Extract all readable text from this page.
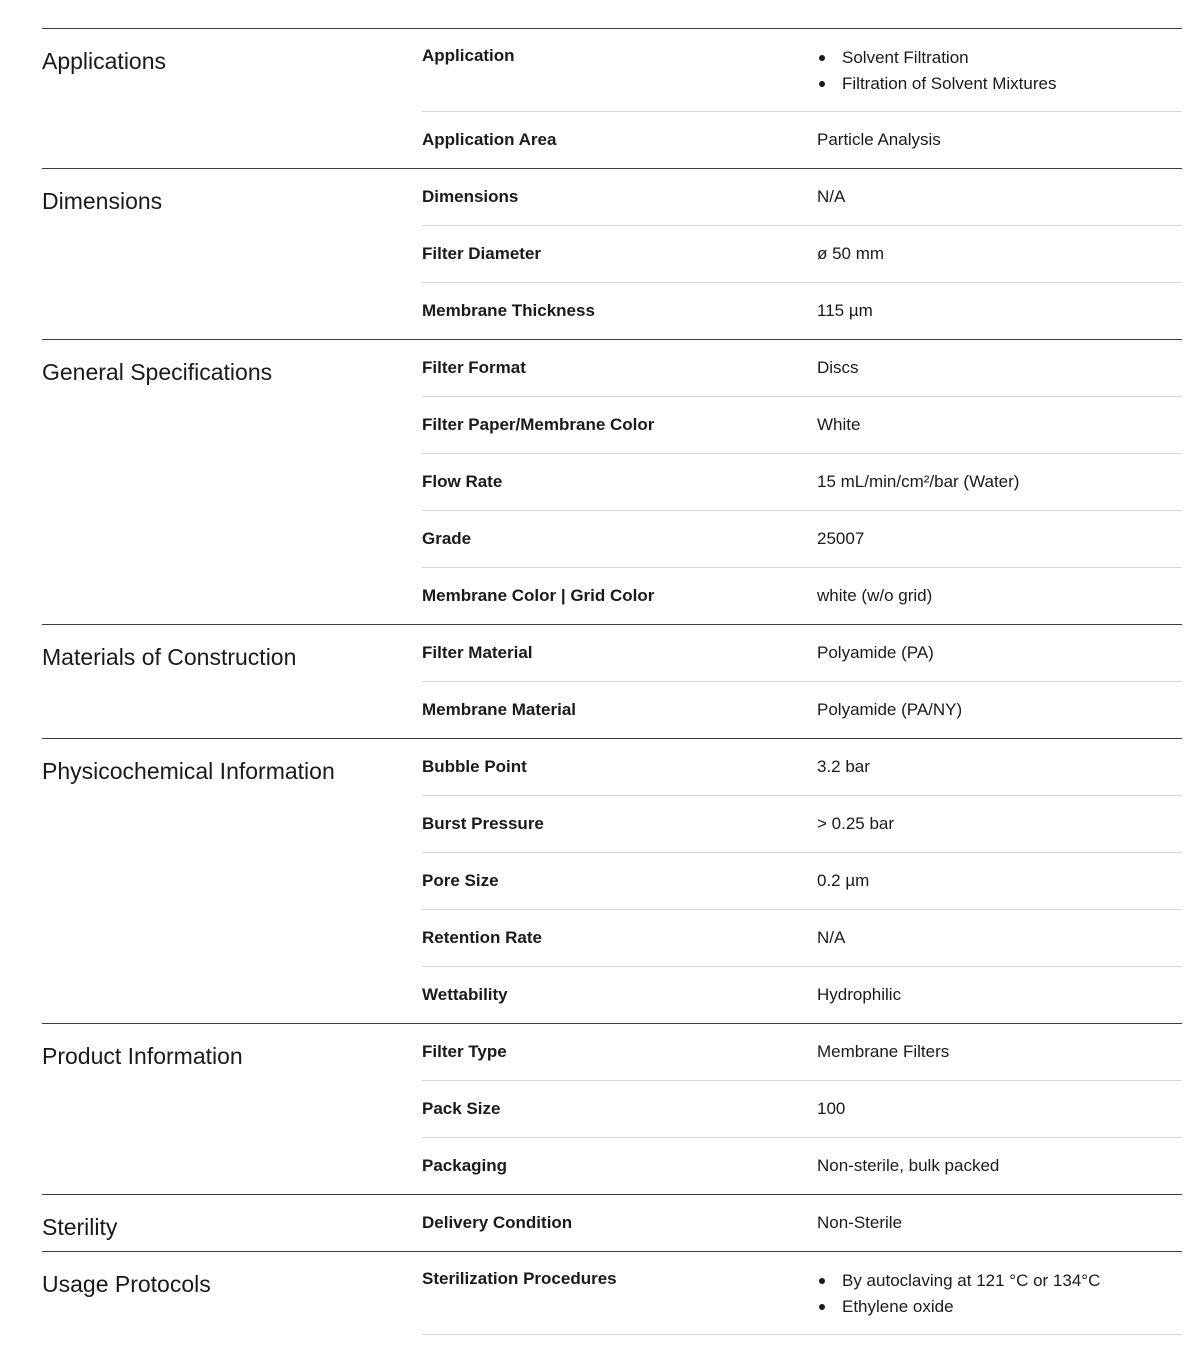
Applications	Application	Solvent Filtration
Filtration of Solvent Mixtures
Application Area	Particle Analysis
Dimensions	Dimensions	N/A
Filter Diameter	ø 50 mm
Membrane Thickness	115 µm
General Specifications	Filter Format	Discs
Filter Paper/Membrane Color	White
Flow Rate	15 mL/min/cm²/bar (Water)
Grade	25007
Membrane Color | Grid Color	white (w/o grid)
Materials of Construction	Filter Material	Polyamide (PA)
Membrane Material	Polyamide (PA/NY)
Physicochemical Information	Bubble Point	3.2 bar
Burst Pressure	> 0.25 bar
Pore Size	0.2 µm
Retention Rate	N/A
Wettability	Hydrophilic
Product Information	Filter Type	Membrane Filters
Pack Size	100
Packaging	Non-sterile, bulk packed
Sterility	Delivery Condition	Non-Sterile
Usage Protocols	Sterilization Procedures	By autoclaving at 121 °C or 134°C
Ethylene oxide
